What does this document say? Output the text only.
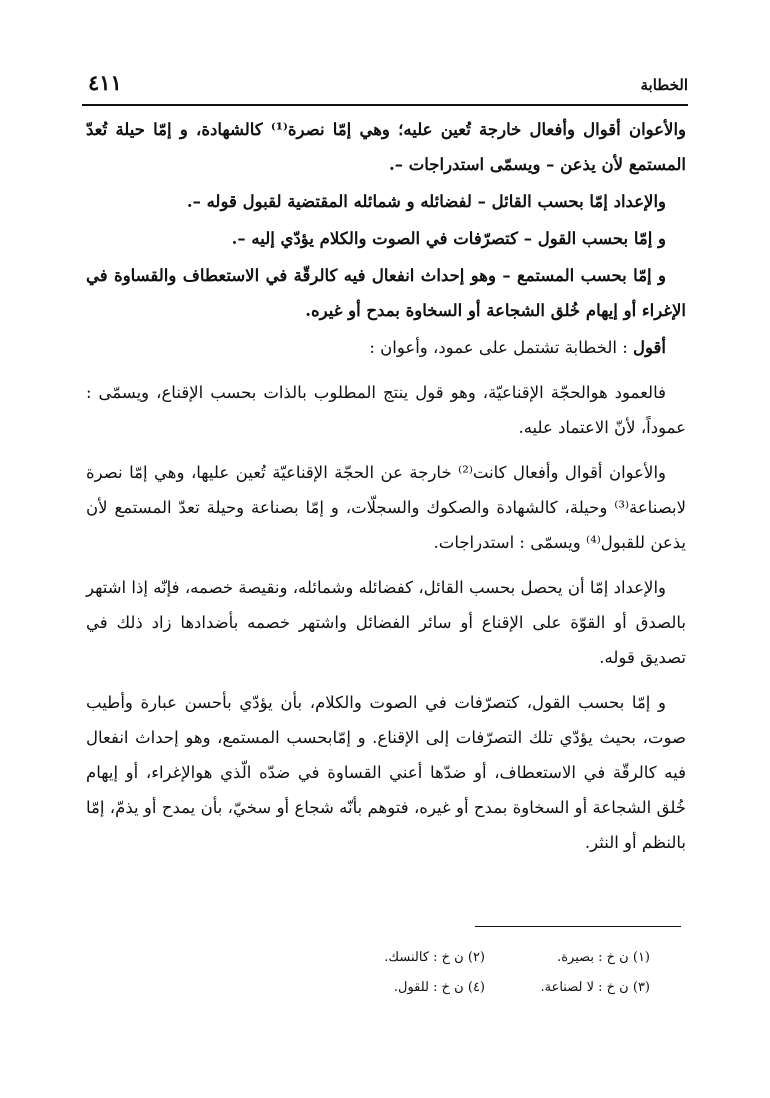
الخطابة
٤١١

والأعوان أقوال وأفعال خارجة تُعين عليه؛ وهي إمّا نصرة⁽¹⁾ كالشهادة، و إمّا حيلة تُعدّ المستمع لأن يذعن – ويسمّى استدراجات –.

والإعداد إمّا بحسب القائل – لفضائله و شمائله المقتضية لقبول قوله –.

و إمّا بحسب القول – كتصرّفات في الصوت والكلام يؤدّي إليه –.

و إمّا بحسب المستمع – وهو إحداث انفعال فيه كالرقّة في الاستعطاف والقساوة في الإغراء أو إيهام خُلق الشجاعة أو السخاوة بمدح أو غيره.

أقول : الخطابة تشتمل على عمود، وأعوان :

فالعمود هوالحجّة الإقناعيّة، وهو قول ينتج المطلوب بالذات بحسب الإقناع، ويسمّى : عموداً، لأنّ الاعتماد عليه.

والأعوان أقوال وأفعال كانت⁽²⁾ خارجة عن الحجّة الإقناعيّة تُعين عليها، وهي إمّا نصرة لابصناعة⁽³⁾ وحيلة، كالشهادة والصكوك والسجلّات، و إمّا بصناعة وحيلة تعدّ المستمع لأن يذعن للقبول⁽⁴⁾ ويسمّى : استدراجات.

والإعداد إمّا أن يحصل بحسب القائل، كفضائله وشمائله، ونقيصة خصمه، فإنّه إذا اشتهر بالصدق أو القوّة على الإقناع أو سائر الفضائل واشتهر خصمه بأضدادها زاد ذلك في تصديق قوله.

و إمّا بحسب القول، كتصرّفات في الصوت والكلام، بأن يؤدّي بأحسن عبارة وأطيب صوت، بحيث يؤدّي تلك التصرّفات إلى الإقناع. و إمّابحسب المستمع، وهو إحداث انفعال فيه كالرقّة في الاستعطاف، أو ضدّها أعني القساوة في ضدّه الّذي هوالإغراء، أو إيهام خُلق الشجاعة أو السخاوة بمدح أو غيره، فتوهم بأنّه شجاع أو سخيّ، بأن يمدح أو يذمّ، إمّا بالنظم أو النثر.

(١) ن خ : بصيرة.
(٢) ن خ : كالنسك.
(٣) ن خ : لا لصناعة.
(٤) ن خ : للقول.
